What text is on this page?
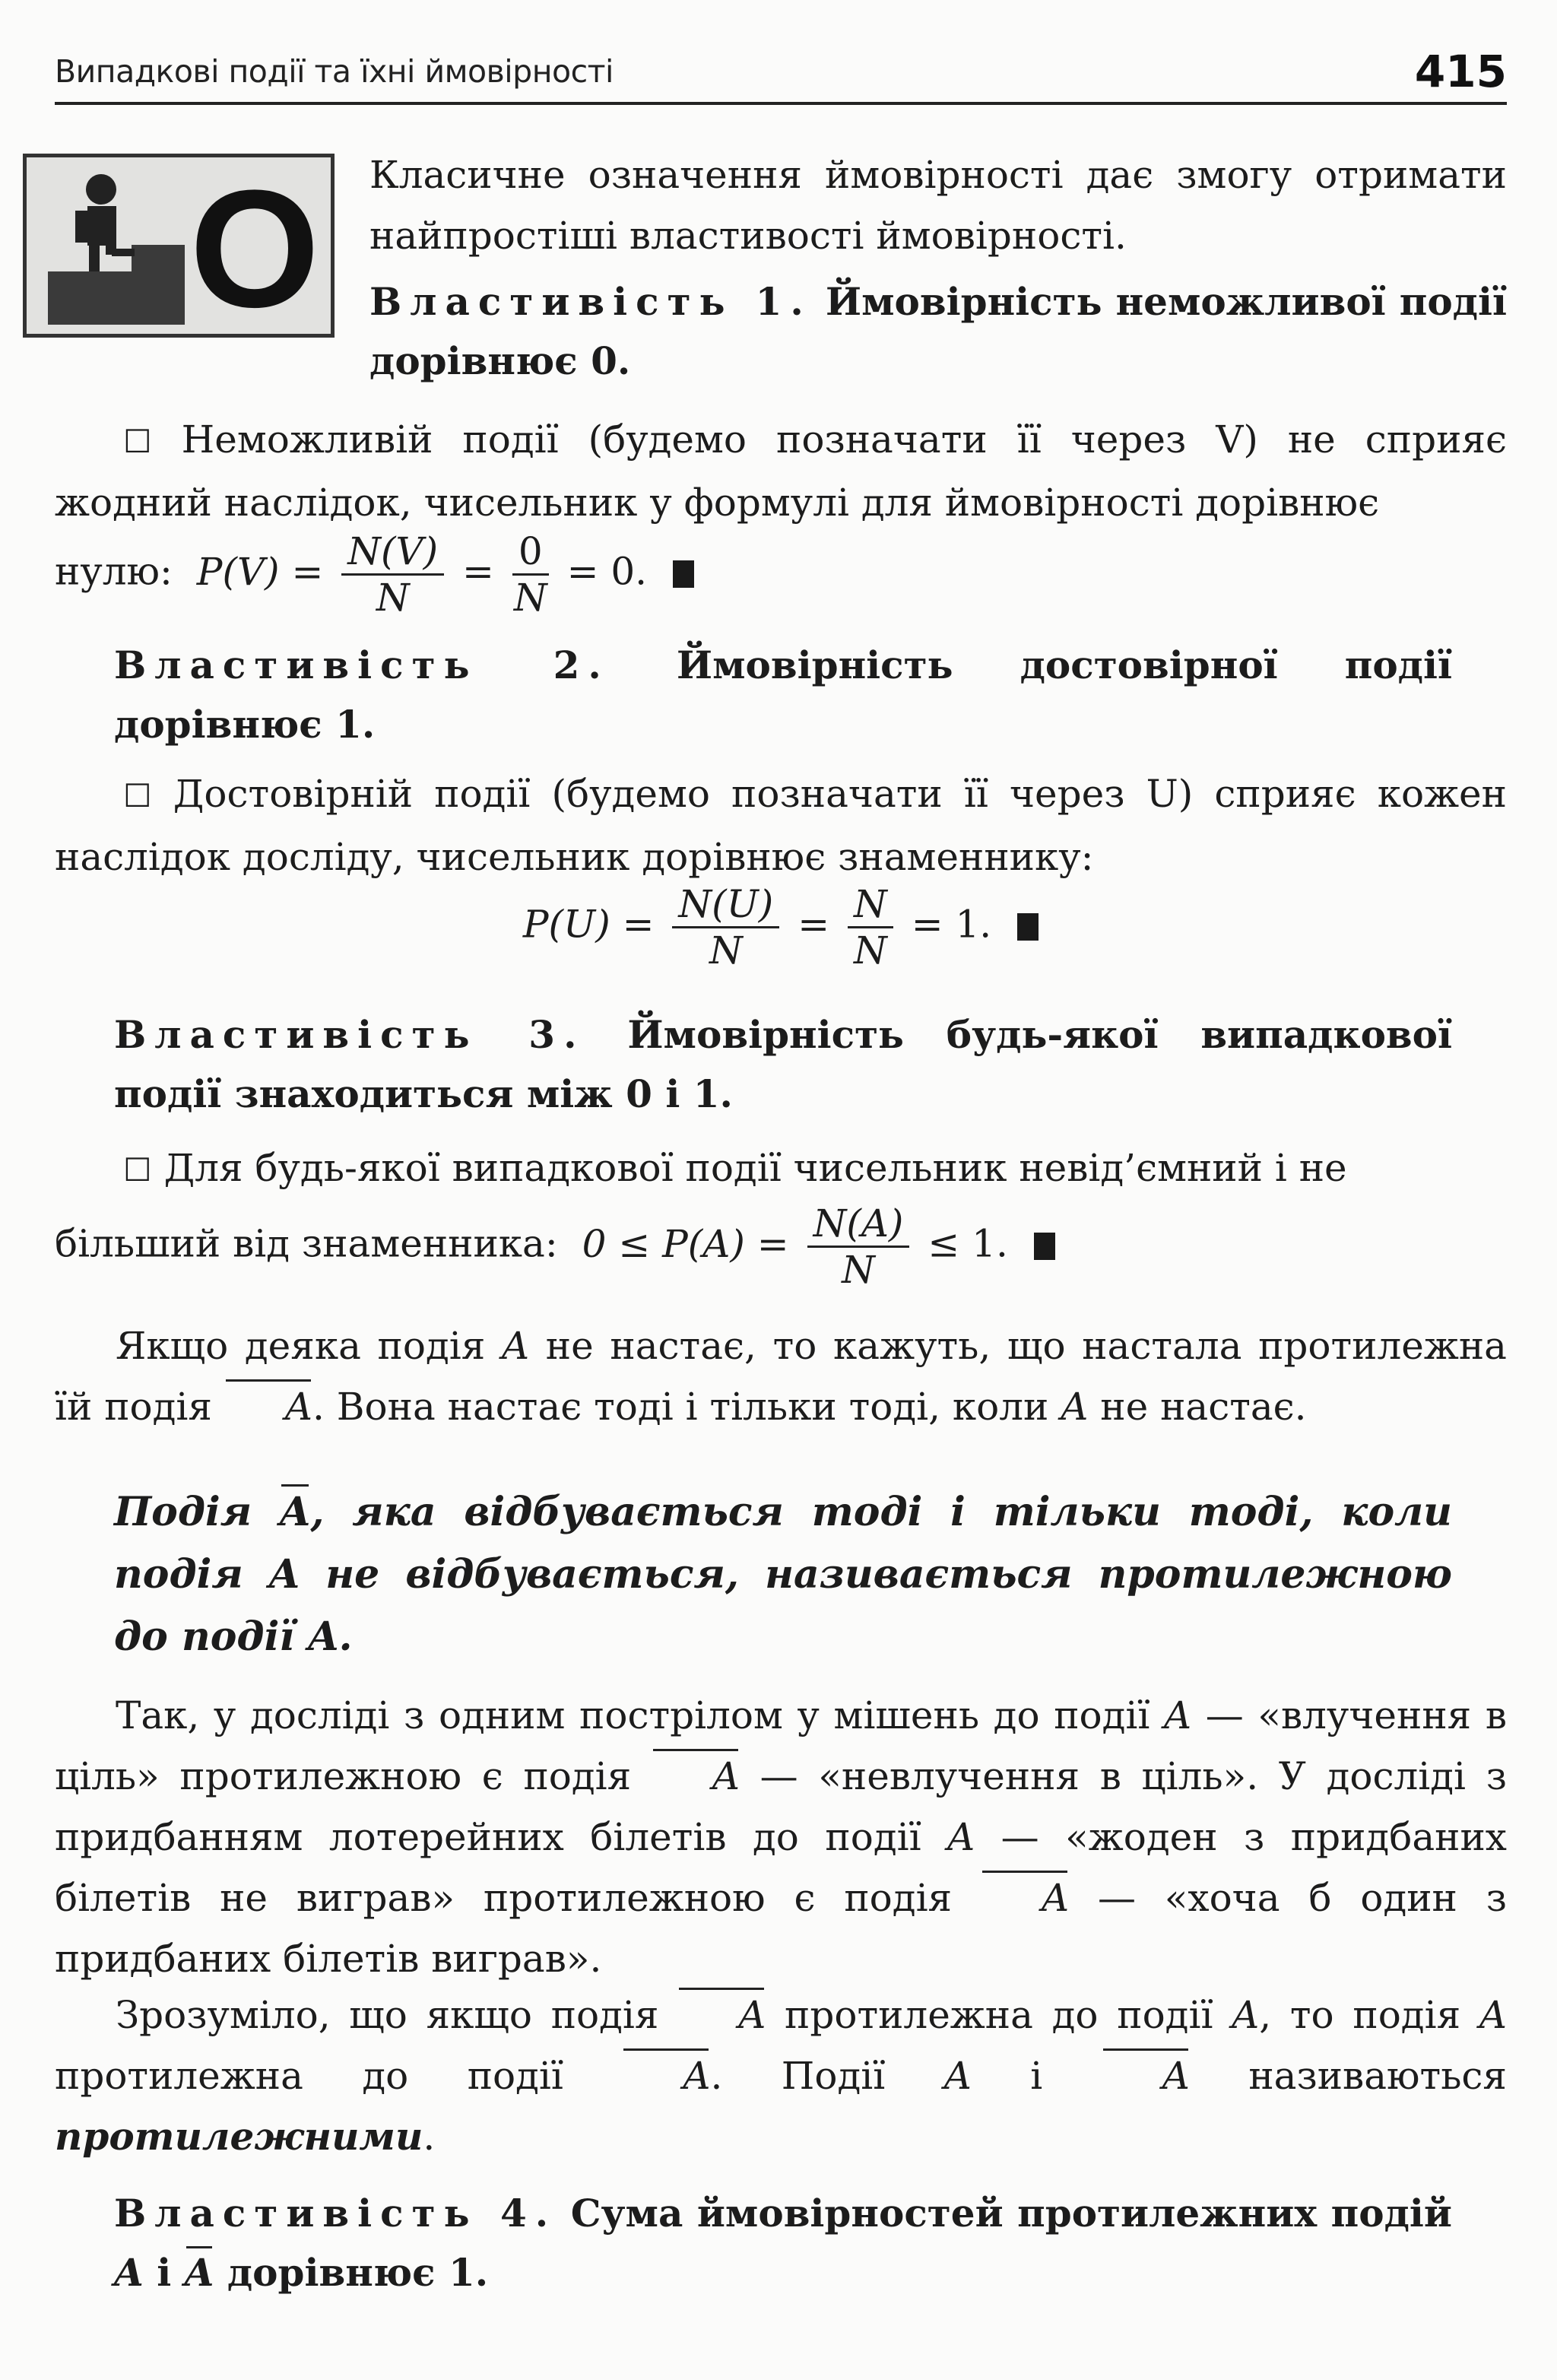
Випадкові події та їхні ймовірності	415
O Класичне означення ймовірності дає змогу отримати найпростіші властивості ймовірності.

Властивість 1. Ймовірність неможливої події дорівнює 0.

☐ Неможливій події (будемо позначати її через V) не сприяє жодний наслідок, чисельник у формулі для ймовірності дорівнює

нулю: $P(V) = \frac{N(V)}{N} = \frac{0}{N} = 0$.

Властивість 2. Ймовірність достовірної події дорівнює 1.

☐ Достовірній події (будемо позначати її через U) сприяє кожен наслідок досліду, чисельник дорівнює знаменнику:

$P(U) = \frac{N(U)}{N} = \frac{N}{N} = 1$.

Властивість 3. Ймовірність будь-якої випадкової події знаходиться між 0 і 1.

☐ Для будь-якої випадкової події чисельник невід’ємний і не

більший від знаменника: $0 \le P(A) = \frac{N(A)}{N} \le 1$.

Якщо деяка подія A не настає, то кажуть, що настала протилежна їй подія A. Вона настає тоді і тільки тоді, коли A не настає.

Подія A, яка відбувається тоді і тільки тоді, коли подія A не відбувається, називається протилежною до події A.

Так, у досліді з одним пострілом у мішень до події A — «влучення в ціль» протилежною є подія A — «невлучення в ціль». У досліді з придбанням лотерейних білетів до події A — «жоден з придбаних білетів не виграв» протилежною є подія A — «хоча б один з придбаних білетів виграв».

Зрозуміло, що якщо подія A протилежна до події A, то подія A протилежна до події	A. Події A і	A називаються протилежними.

Властивість 4. Сума ймовірностей протилежних подій A і A дорівнює 1.
